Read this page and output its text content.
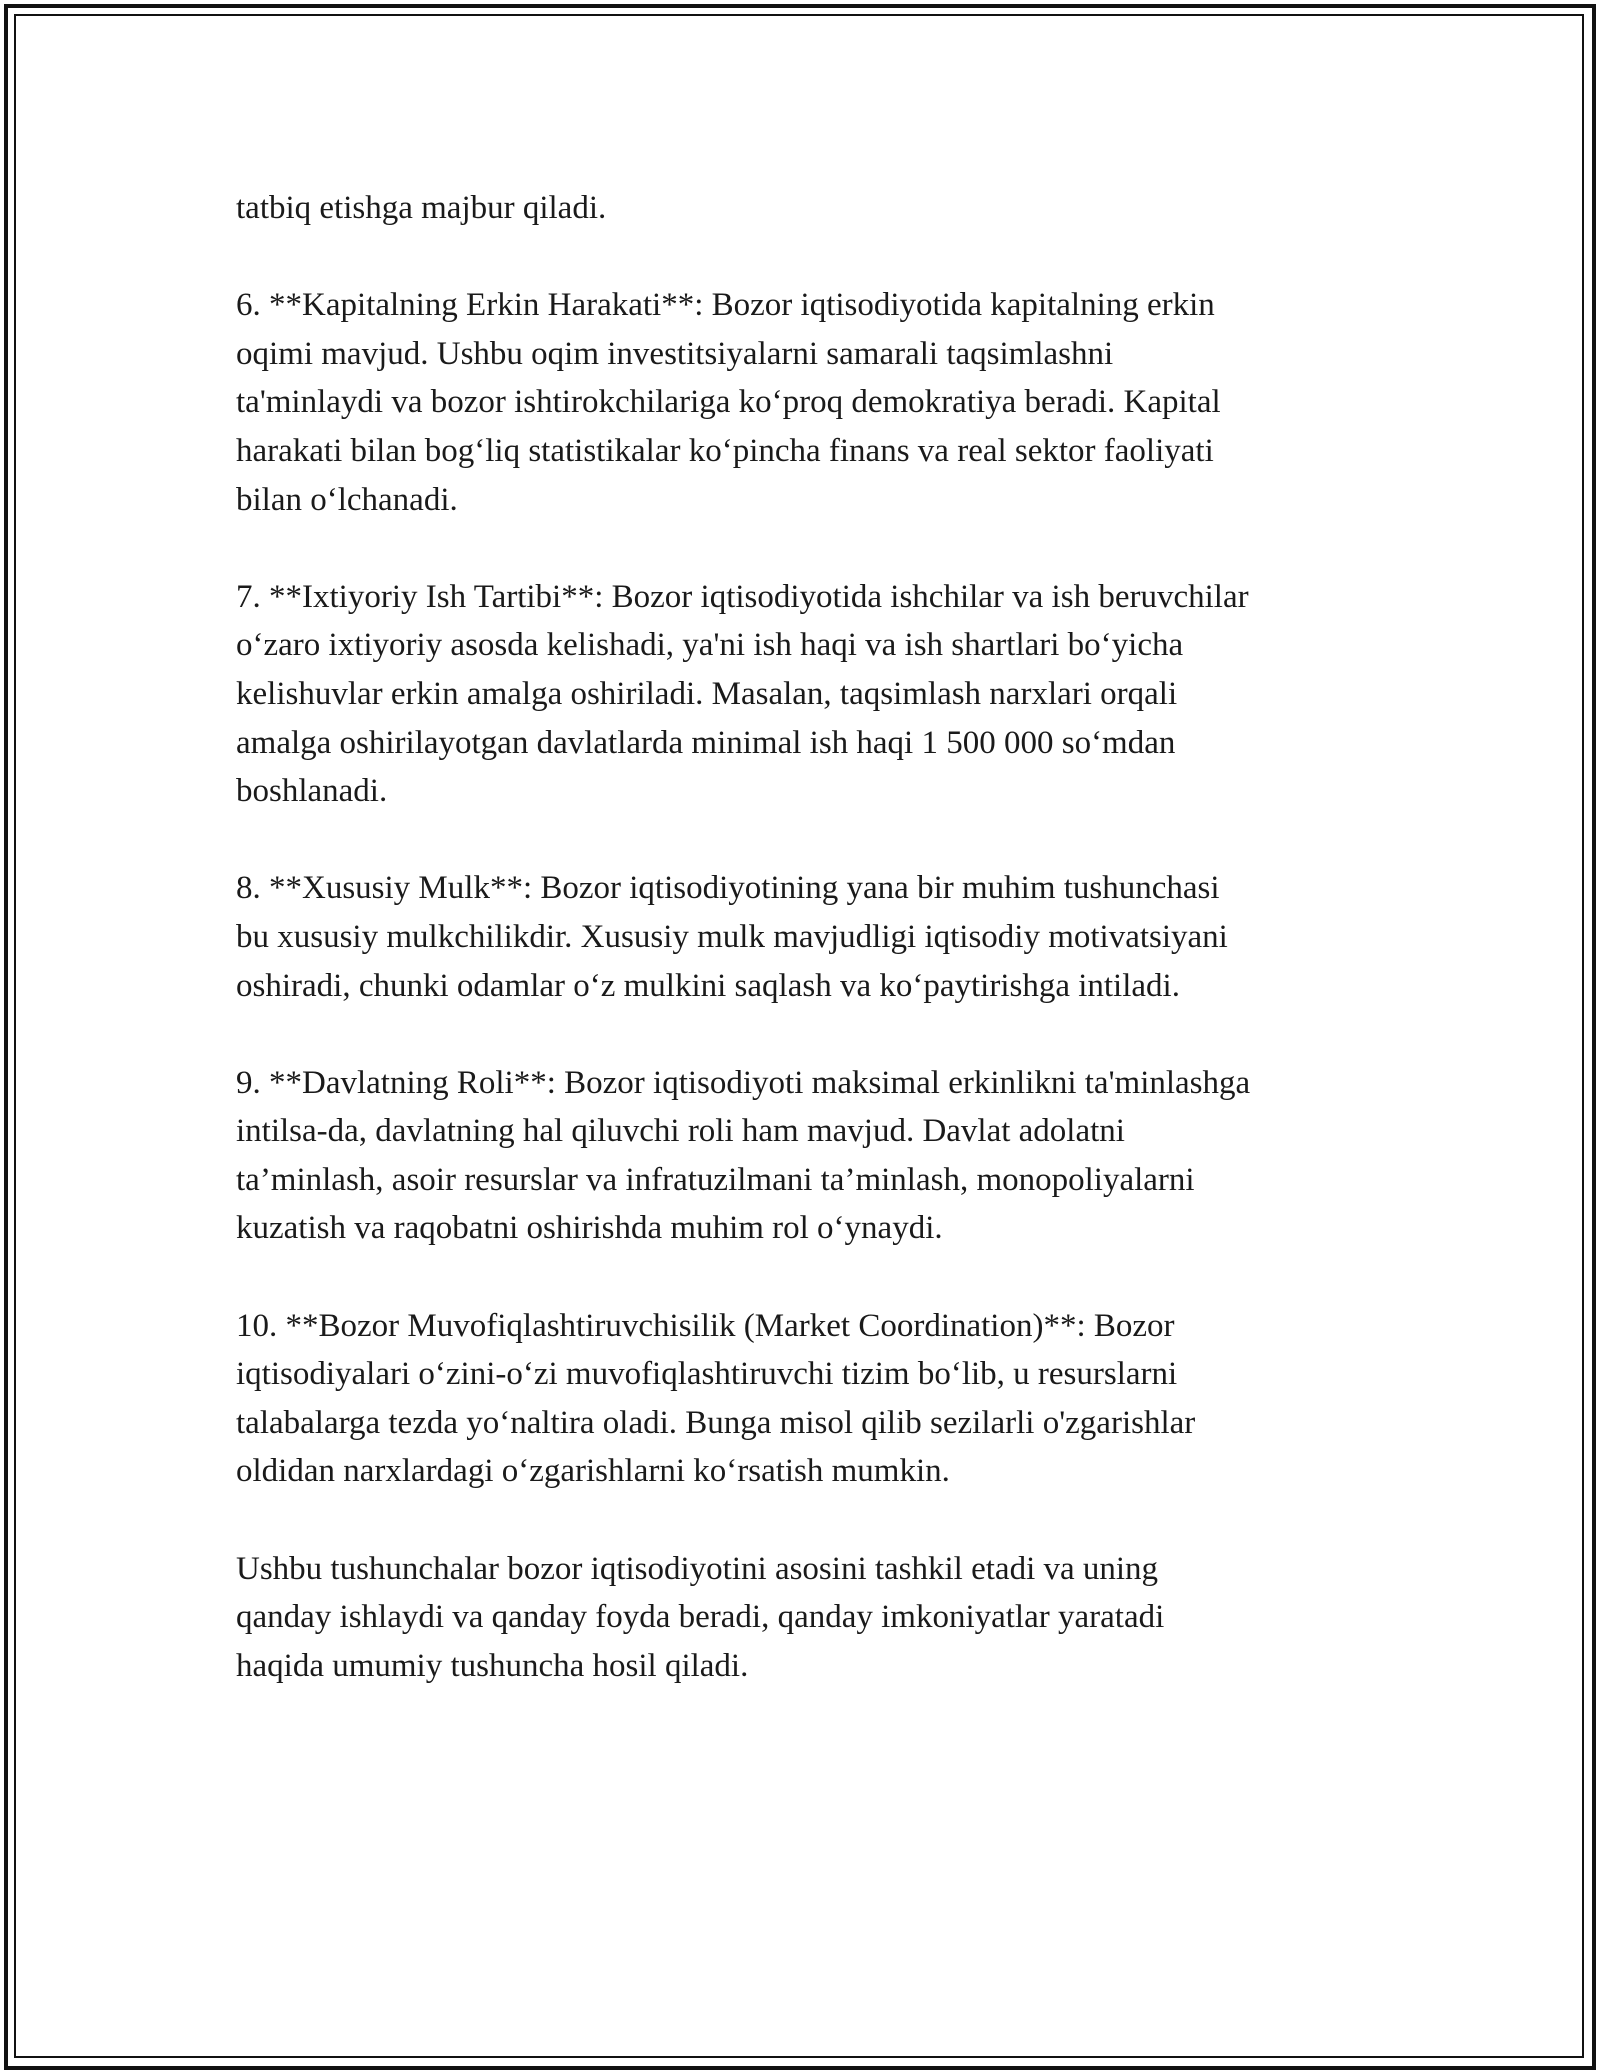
tatbiq etishga majbur qiladi.

6. **Kapitalning Erkin Harakati**: Bozor iqtisodiyotida kapitalning erkin
oqimi mavjud. Ushbu oqim investitsiyalarni samarali taqsimlashni
ta'minlaydi va bozor ishtirokchilariga koʻproq demokratiya beradi. Kapital
harakati bilan bogʻliq statistikalar koʻpincha finans va real sektor faoliyati
bilan oʻlchanadi.

7. **Ixtiyoriy Ish Tartibi**: Bozor iqtisodiyotida ishchilar va ish beruvchilar
oʻzaro ixtiyoriy asosda kelishadi, ya'ni ish haqi va ish shartlari boʻyicha
kelishuvlar erkin amalga oshiriladi. Masalan, taqsimlash narxlari orqali
amalga oshirilayotgan davlatlarda minimal ish haqi 1 500 000 soʻmdan
boshlanadi.

8. **Xususiy Mulk**: Bozor iqtisodiyotining yana bir muhim tushunchasi
bu xususiy mulkchilikdir. Xususiy mulk mavjudligi iqtisodiy motivatsiyani
oshiradi, chunki odamlar oʻz mulkini saqlash va koʻpaytirishga intiladi.

9. **Davlatning Roli**: Bozor iqtisodiyoti maksimal erkinlikni ta'minlashga
intilsa-da, davlatning hal qiluvchi roli ham mavjud. Davlat adolatni
ta’minlash, asoir resurslar va infratuzilmani ta’minlash, monopoliyalarni
kuzatish va raqobatni oshirishda muhim rol oʻynaydi.

10. **Bozor Muvofiqlashtiruvchisilik (Market Coordination)**: Bozor
iqtisodiyalari oʻzini-oʻzi muvofiqlashtiruvchi tizim boʻlib, u resurslarni
talabalarga tezda yoʻnaltira oladi. Bunga misol qilib sezilarli o'zgarishlar
oldidan narxlardagi oʻzgarishlarni koʻrsatish mumkin.

Ushbu tushunchalar bozor iqtisodiyotini asosini tashkil etadi va uning
qanday ishlaydi va qanday foyda beradi, qanday imkoniyatlar yaratadi
haqida umumiy tushuncha hosil qiladi.
